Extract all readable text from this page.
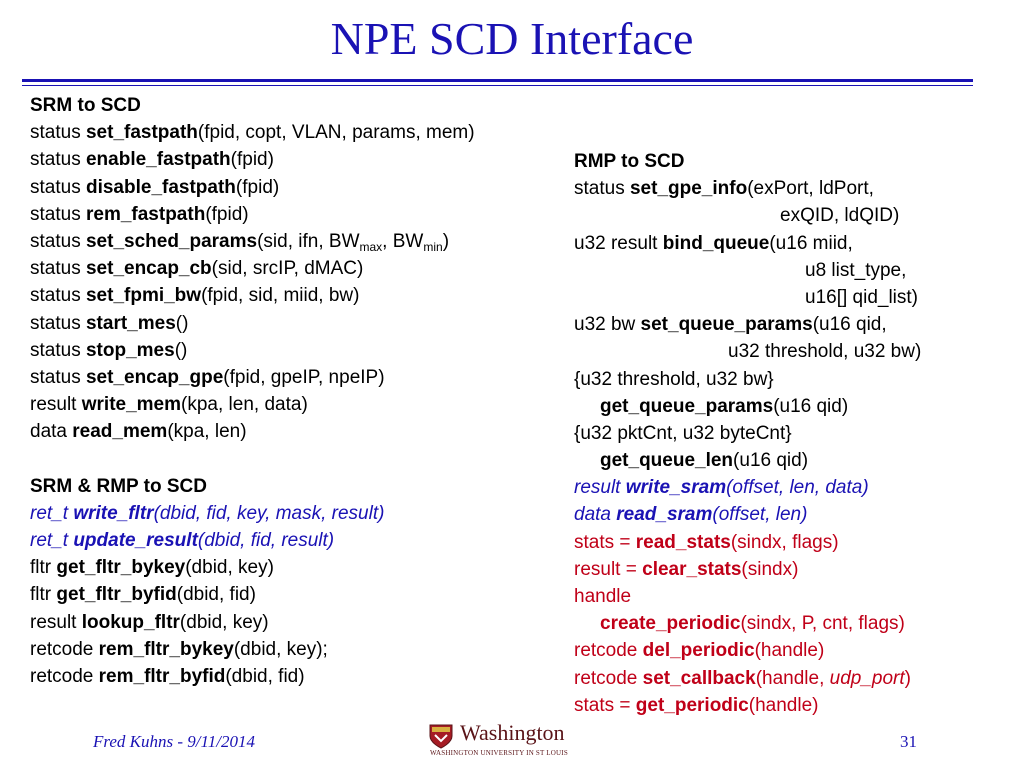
NPE SCD Interface
SRM to SCD
status set_fastpath(fpid, copt, VLAN, params, mem)
status enable_fastpath(fpid)
status disable_fastpath(fpid)
status rem_fastpath(fpid)
status set_sched_params(sid, ifn, $BW_{max}$, $BW_{min}$)
status set_encap_cb(sid, srcIP, dMAC)
status set_fpmi_bw(fpid, sid, miid, bw)
status start_mes()
status stop_mes()
status set_encap_gpe(fpid, gpeIP, npeIP)
result write_mem(kpa, len, data)
data read_mem(kpa, len)
SRM & RMP to SCD
ret_t write_fltr(dbid, fid, key, mask, result)
ret_t update_result(dbid, fid, result)
fltr get_fltr_bykey(dbid, key)
fltr get_fltr_byfid(dbid, fid)
result lookup_fltr(dbid, key)
retcode rem_fltr_bykey(dbid, key);
retcode rem_fltr_byfid(dbid, fid)
RMP to SCD
status set_gpe_info(exPort, ldPort,
exQID, ldQID)
u32 result bind_queue(u16 miid,
u8 list_type,
u16[] qid_list)
u32 bw set_queue_params(u16 qid,
u32 threshold, u32 bw)
{u32 threshold, u32 bw}
get_queue_params(u16 qid)
{u32 pktCnt, u32 byteCnt}
get_queue_len(u16 qid)
result write_sram(offset, len, data)
data read_sram(offset, len)
stats = read_stats(sindx, flags)
result = clear_stats(sindx)
handle
create_periodic(sindx, P, cnt, flags)
retcode del_periodic(handle)
retcode set_callback(handle, udp_port)
stats = get_periodic(handle)
Fred Kuhns - 9/11/2014	Washington
WASHINGTON UNIVERSITY IN ST LOUIS
31
